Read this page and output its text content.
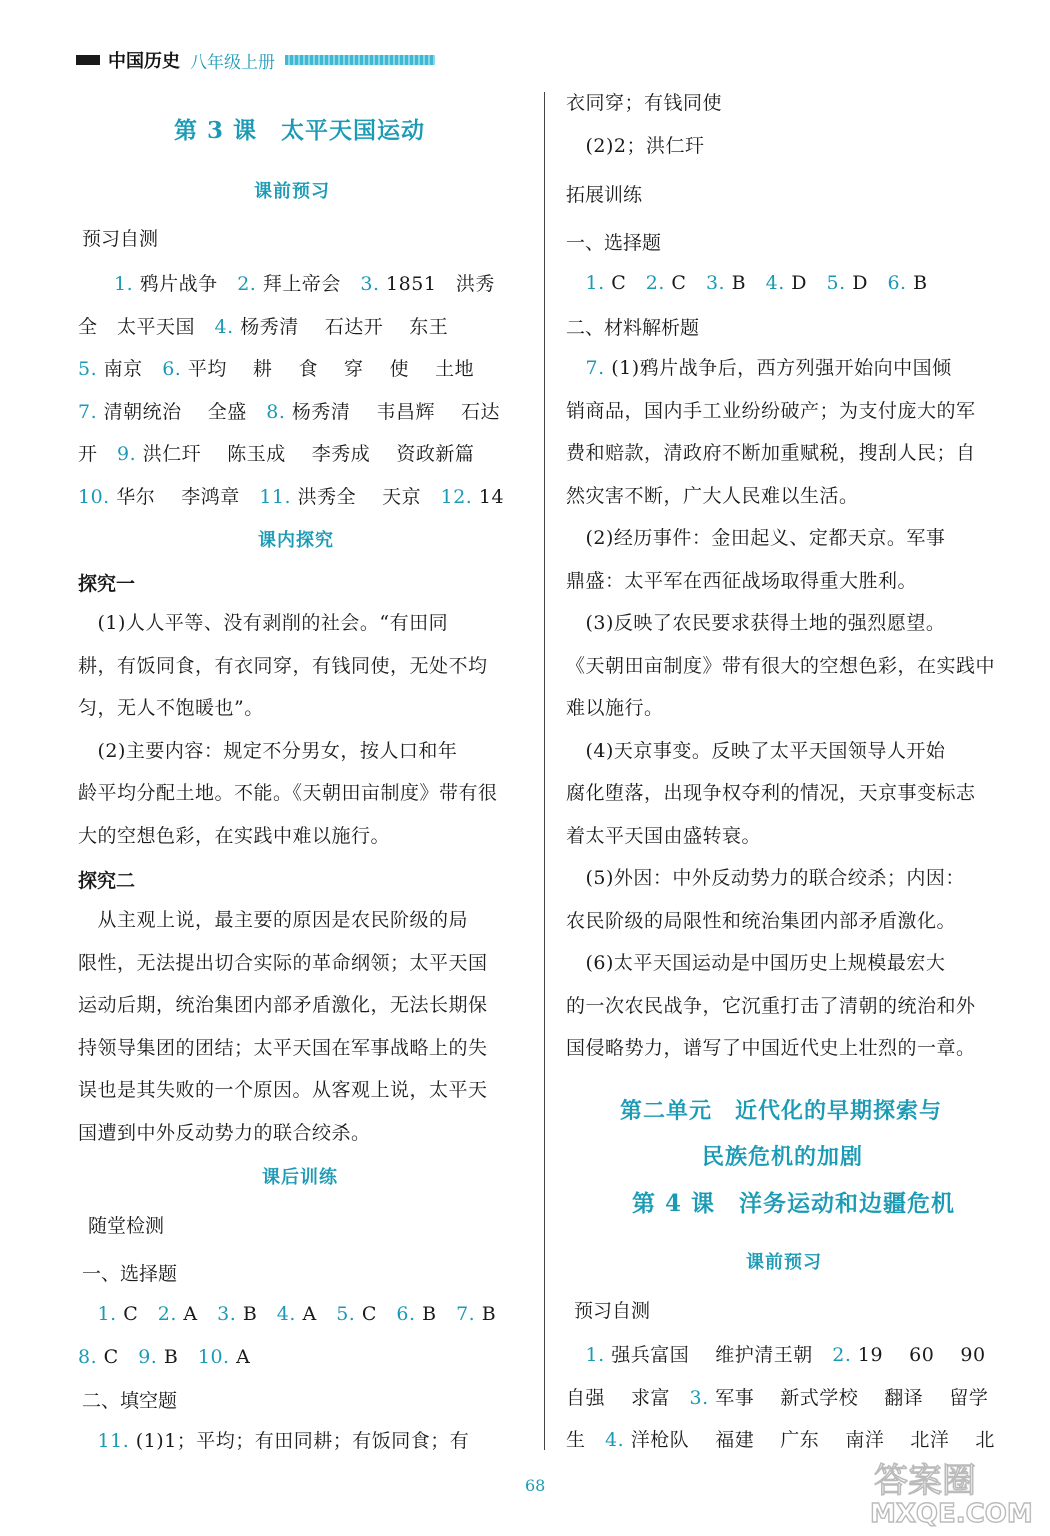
中国历史 八年级上册
第 3 课　太平天国运动
课前预习
预习自测
1. 鸦片战争　2. 拜上帝会　3. 1851　洪秀
全　太平天国　4. 杨秀清　 石达开　 东王
5. 南京　6. 平均　 耕　 食　 穿　 使　 土地
7. 清朝统治　 全盛　8. 杨秀清　 韦昌辉　 石达
开　9. 洪仁玕　 陈玉成　 李秀成　 资政新篇
10. 华尔　 李鸿章　11. 洪秀全　 天京　12. 14
课内探究
探究一
　(1)人人平等、没有剥削的社会。“有田同
耕，有饭同食，有衣同穿，有钱同使，无处不均
匀，无人不饱暖也”。
　(2)主要内容：规定不分男女，按人口和年
龄平均分配土地。不能。《天朝田亩制度》带有很
大的空想色彩，在实践中难以施行。
探究二
　从主观上说，最主要的原因是农民阶级的局
限性，无法提出切合实际的革命纲领；太平天国
运动后期，统治集团内部矛盾激化，无法长期保
持领导集团的团结；太平天国在军事战略上的失
误也是其失败的一个原因。从客观上说，太平天
国遭到中外反动势力的联合绞杀。
课后训练
随堂检测
一、选择题
　1. C　2. A　3. B　4. A　5. C　6. B　7. B
8. C　9. B　10. A
二、填空题
　11. (1)1；平均；有田同耕；有饭同食；有
衣同穿；有钱同使
　(2)2；洪仁玕
拓展训练
一、选择题
　1. C　2. C　3. B　4. D　5. D　6. B
二、材料解析题
　7. (1)鸦片战争后，西方列强开始向中国倾
销商品，国内手工业纷纷破产；为支付庞大的军
费和赔款，清政府不断加重赋税，搜刮人民；自
然灾害不断，广大人民难以生活。
　(2)经历事件：金田起义、定都天京。军事
鼎盛：太平军在西征战场取得重大胜利。
　(3)反映了农民要求获得土地的强烈愿望。
《天朝田亩制度》带有很大的空想色彩，在实践中
难以施行。
　(4)天京事变。反映了太平天国领导人开始
腐化堕落，出现争权夺利的情况，天京事变标志
着太平天国由盛转衰。
　(5)外因：中外反动势力的联合绞杀；内因：
农民阶级的局限性和统治集团内部矛盾激化。
　(6)太平天国运动是中国历史上规模最宏大
的一次农民战争，它沉重打击了清朝的统治和外
国侵略势力，谱写了中国近代史上壮烈的一章。
第二单元　近代化的早期探索与
民族危机的加剧
第 4 课　洋务运动和边疆危机
课前预习
预习自测
　1. 强兵富国　 维护清王朝　2. 19　 60　 90
自强　 求富　3. 军事　 新式学校　 翻译　 留学
生　4. 洋枪队　 福建　 广东　 南洋　 北洋　 北
68	答案圈
MXQE.COM
